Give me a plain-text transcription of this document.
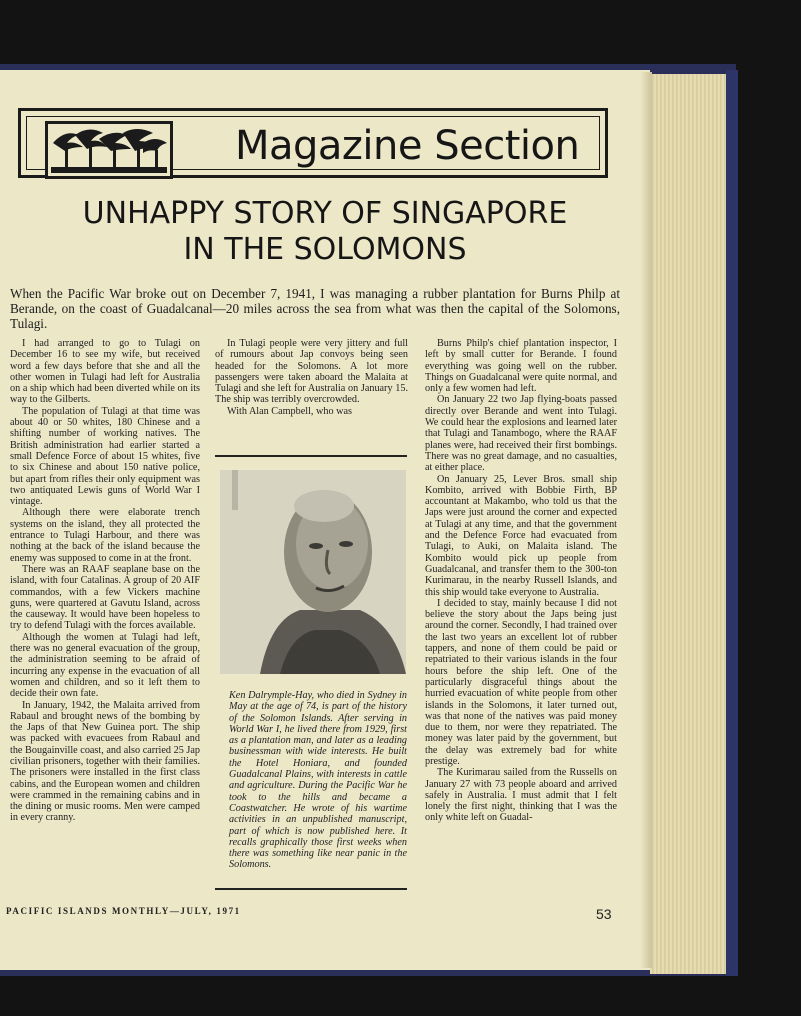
Magazine Section
UNHAPPY STORY OF SINGAPORE
IN THE SOLOMONS
When the Pacific War broke out on December 7, 1941, I was managing a rubber plantation for Burns Philp at Berande, on the coast of Guadalcanal—20 miles across the sea from what was then the capital of the Solomons, Tulagi.

I had arranged to go to Tulagi on December 16 to see my wife, but received word a few days before that she and all the other women in Tulagi had left for Australia on a ship which had been diverted while on its way to the Gilberts.

The population of Tulagi at that time was about 40 or 50 whites, 180 Chinese and a shifting number of working natives. The British administration had earlier started a small Defence Force of about 15 whites, five to six Chinese and about 150 native police, but apart from rifles their only equipment was two antiquated Lewis guns of World War I vintage.

Although there were elaborate trench systems on the island, they all protected the entrance to Tulagi Harbour, and there was nothing at the back of the island because the enemy was supposed to come in at the front.

There was an RAAF seaplane base on the island, with four Catalinas. A group of 20 AIF commandos, with a few Vickers machine guns, were quartered at Gavutu Island, across the causeway. It would have been hopeless to try to defend Tulagi with the forces available.

Although the women at Tulagi had left, there was no general evacuation of the group, the administration seeming to be afraid of incurring any expense in the evacuation of all women and children, and so it left them to decide their own fate.

In January, 1942, the Malaita arrived from Rabaul and brought news of the bombing by the Japs of that New Guinea port. The ship was packed with evacuees from Rabaul and the Bougainville coast, and also carried 25 Jap civilian prisoners, together with their families. The prisoners were installed in the first class cabins, and the European women and children were crammed in the remaining cabins and in the dining or music rooms. Men were camped in every cranny.

In Tulagi people were very jittery and full of rumours about Jap convoys being seen headed for the Solomons. A lot more passengers were taken aboard the Malaita at Tulagi and she left for Australia on January 15. The ship was terribly overcrowded.

With Alan Campbell, who was

Ken Dalrymple-Hay, who died in Sydney in May at the age of 74, is part of the history of the Solomon Islands. After serving in World War I, he lived there from 1929, first as a plantation man, and later as a leading businessman with wide interests. He built the Hotel Honiara, and founded Guadalcanal Plains, with interests in cattle and agriculture. During the Pacific War he took to the hills and became a Coastwatcher. He wrote of his wartime activities in an unpublished manuscript, part of which is now published here. It recalls graphically those first weeks when there was something like near panic in the Solomons.

Burns Philp's chief plantation inspector, I left by small cutter for Berande. I found everything was going well on the rubber. Things on Guadalcanal were quite normal, and only a few women had left.

On January 22 two Jap flying-boats passed directly over Berande and went into Tulagi. We could hear the explosions and learned later that Tulagi and Tanambogo, where the RAAF planes were, had received their first bombings. There was no great damage, and no casualties, at either place.

On January 25, Lever Bros. small ship Kombito, arrived with Bobbie Firth, BP accountant at Makambo, who told us that the Japs were just around the corner and expected at Tulagi at any time, and that the government and the Defence Force had evacuated from Tulagi, to Auki, on Malaita island. The Kombito would pick up people from Guadalcanal, and transfer them to the 300-ton Kurimarau, in the nearby Russell Islands, and this ship would take everyone to Australia.

I decided to stay, mainly because I did not believe the story about the Japs being just around the corner. Secondly, I had trained over the last two years an excellent lot of rubber tappers, and none of them could be paid or repatriated to their various islands in the four hours before the ship left. One of the particularly disgraceful things about the hurried evacuation of white people from other islands in the Solomons, it later turned out, was that none of the natives was paid money due to them, nor were they repatriated. The money was later paid by the government, but the delay was extremely bad for white prestige.

The Kurimarau sailed from the Russells on January 27 with 73 people aboard and arrived safely in Australia. I must admit that I felt lonely the first night, thinking that I was the only white left on Guadal-

PACIFIC ISLANDS MONTHLY—JULY, 1971	53
